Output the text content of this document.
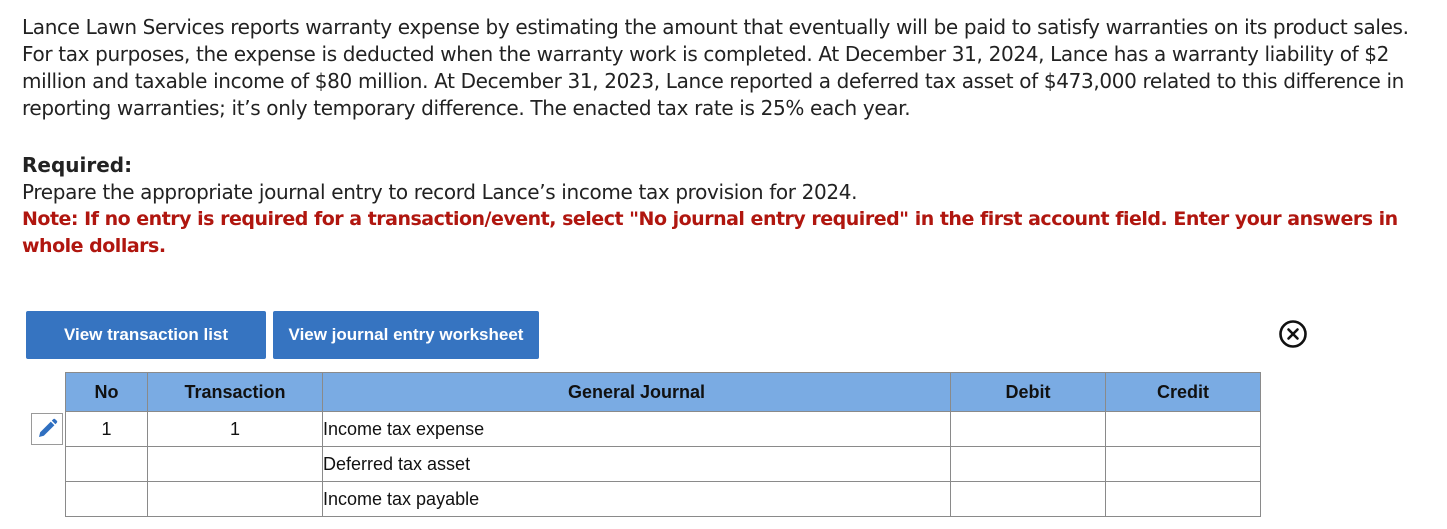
Lance Lawn Services reports warranty expense by estimating the amount that eventually will be paid to satisfy warranties on its product sales. For tax purposes, the expense is deducted when the warranty work is completed. At December 31, 2024, Lance has a warranty liability of $2 million and taxable income of $80 million. At December 31, 2023, Lance reported a deferred tax asset of $473,000 related to this difference in reporting warranties; it’s only temporary difference. The enacted tax rate is 25% each year.
Required:
Prepare the appropriate journal entry to record Lance’s income tax provision for 2024.
Note: If no entry is required for a transaction/event, select "No journal entry required" in the first account field. Enter your answers in whole dollars.
View transaction list	View journal entry worksheet
No	Transaction	General Journal	Debit	Credit
1	1	Income tax expense		
		Deferred tax asset		
		Income tax payable		
